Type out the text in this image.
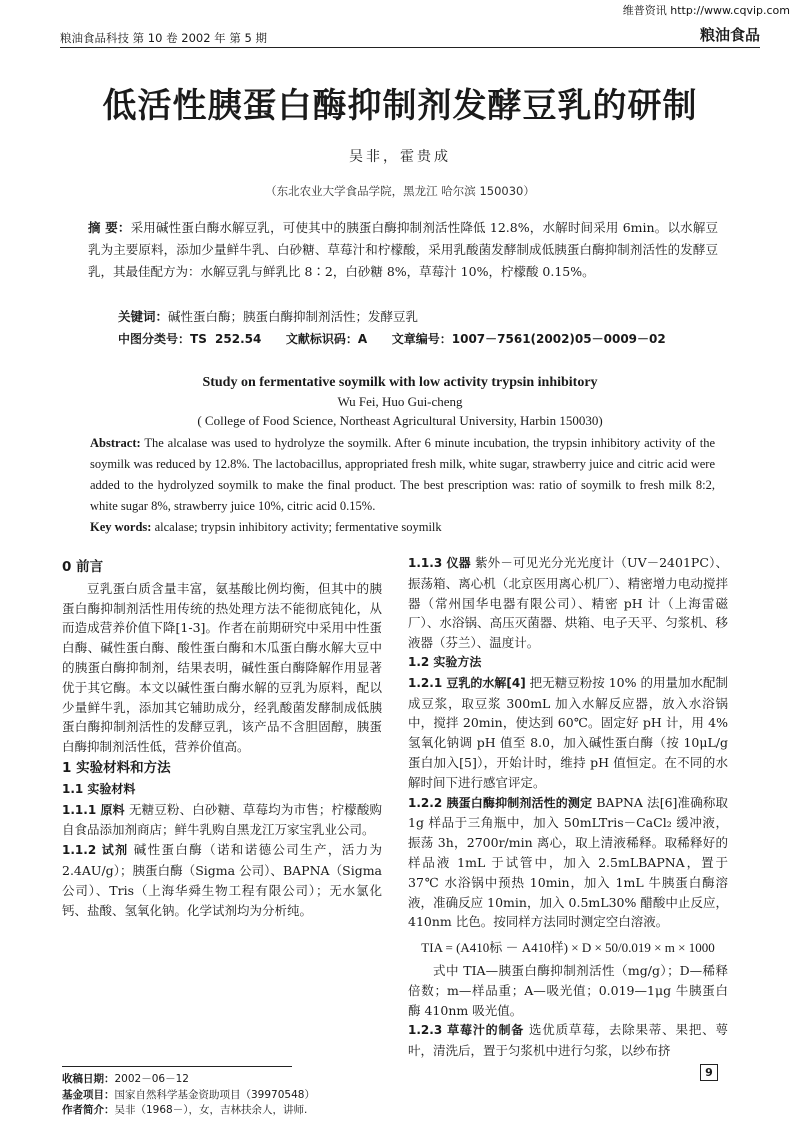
维普资讯 http://www.cqvip.com
粮油食品科技 第 10 卷 2002 年 第 5 期	粮油食品
低活性胰蛋白酶抑制剂发酵豆乳的研制
吴非，霍贵成
（东北农业大学食品学院，黑龙江 哈尔滨 150030）
摘 要：采用碱性蛋白酶水解豆乳，可使其中的胰蛋白酶抑制剂活性降低 12.8%，水解时间采用 6min。以水解豆乳为主要原料，添加少量鲜牛乳、白砂糖、草莓汁和柠檬酸，采用乳酸菌发酵制成低胰蛋白酶抑制剂活性的发酵豆乳，其最佳配方为：水解豆乳与鲜乳比 8∶2，白砂糖 8%，草莓汁 10%，柠檬酸 0.15%。
关键词：碱性蛋白酶；胰蛋白酶抑制剂活性；发酵豆乳
中图分类号：TS 252.54 文献标识码：A 文章编号：1007－7561(2002)05－0009－02
Study on fermentative soymilk with low activity trypsin inhibitory
Wu Fei, Huo Gui-cheng
( College of Food Science, Northeast Agricultural University, Harbin 150030)
Abstract: The alcalase was used to hydrolyze the soymilk. After 6 minute incubation, the trypsin inhibitory activity of the soymilk was reduced by 12.8%. The lactobacillus, appropriated fresh milk, white sugar, strawberry juice and citric acid were added to the hydrolyzed soymilk to make the final product. The best prescription was: ratio of soymilk to fresh milk 8:2, white sugar 8%, strawberry juice 10%, citric acid 0.15%.
Key words: alcalase; trypsin inhibitory activity; fermentative soymilk
0 前言

豆乳蛋白质含量丰富，氨基酸比例均衡，但其中的胰蛋白酶抑制剂活性用传统的热处理方法不能彻底钝化，从而造成营养价值下降[1-3]。作者在前期研究中采用中性蛋白酶、碱性蛋白酶、酸性蛋白酶和木瓜蛋白酶水解大豆中的胰蛋白酶抑制剂，结果表明，碱性蛋白酶降解作用显著优于其它酶。本文以碱性蛋白酶水解的豆乳为原料，配以少量鲜牛乳，添加其它辅助成分，经乳酸菌发酵制成低胰蛋白酶抑制剂活性的发酵豆乳，该产品不含胆固醇，胰蛋白酶抑制剂活性低，营养价值高。

1 实验材料和方法
1.1 实验材料

1.1.1 原料 无糖豆粉、白砂糖、草莓均为市售；柠檬酸购自食品添加剂商店；鲜牛乳购自黑龙江万家宝乳业公司。

1.1.2 试剂 碱性蛋白酶（诺和诺德公司生产，活力为 2.4AU/g）；胰蛋白酶（Sigma 公司）、BAPNA（Sigma 公司）、Tris（上海华舜生物工程有限公司）；无水氯化钙、盐酸、氢氧化钠。化学试剂均为分析纯。

1.1.3 仪器 紫外－可见光分光光度计（UV－2401PC）、振荡箱、离心机（北京医用离心机厂）、精密增力电动搅拌器（常州国华电器有限公司）、精密 pH 计（上海雷磁厂）、水浴锅、高压灭菌器、烘箱、电子天平、匀浆机、移液器（芬兰）、温度计。

1.2 实验方法

1.2.1 豆乳的水解[4] 把无糖豆粉按 10% 的用量加水配制成豆浆，取豆浆 300mL 加入水解反应器，放入水浴锅中，搅拌 20min，使达到 60℃。固定好 pH 计，用 4% 氢氧化钠调 pH 值至 8.0，加入碱性蛋白酶（按 10μL/g 蛋白加入[5]），开始计时，维持 pH 值恒定。在不同的水解时间下进行感官评定。

1.2.2 胰蛋白酶抑制剂活性的测定 BAPNA 法[6]准确称取 1g 样品于三角瓶中，加入 50mLTris－CaCl₂ 缓冲液，振荡 3h，2700r/min 离心，取上清液稀释。取稀释好的样品液 1mL 于试管中，加入 2.5mLBAPNA，置于 37℃ 水浴锅中预热 10min，加入 1mL 牛胰蛋白酶溶液，准确反应 10min，加入 0.5mL30% 醋酸中止反应，410nm 比色。按同样方法同时测定空白溶液。

TIA = (A410标 － A410样) × D × 50/0.019 × m × 1000

式中 TIA—胰蛋白酶抑制剂活性（mg/g）；D—稀释倍数；m—样品重；A—吸光值；0.019—1μg 牛胰蛋白酶 410nm 吸光值。

1.2.3 草莓汁的制备 选优质草莓，去除果蒂、果把、萼叶，清洗后，置于匀浆机中进行匀浆，以纱布挤

收稿日期：2002－06－12
基金项目：国家自然科学基金资助项目（39970548）
作者简介：吴非（1968－），女，吉林扶余人，讲师.
9
